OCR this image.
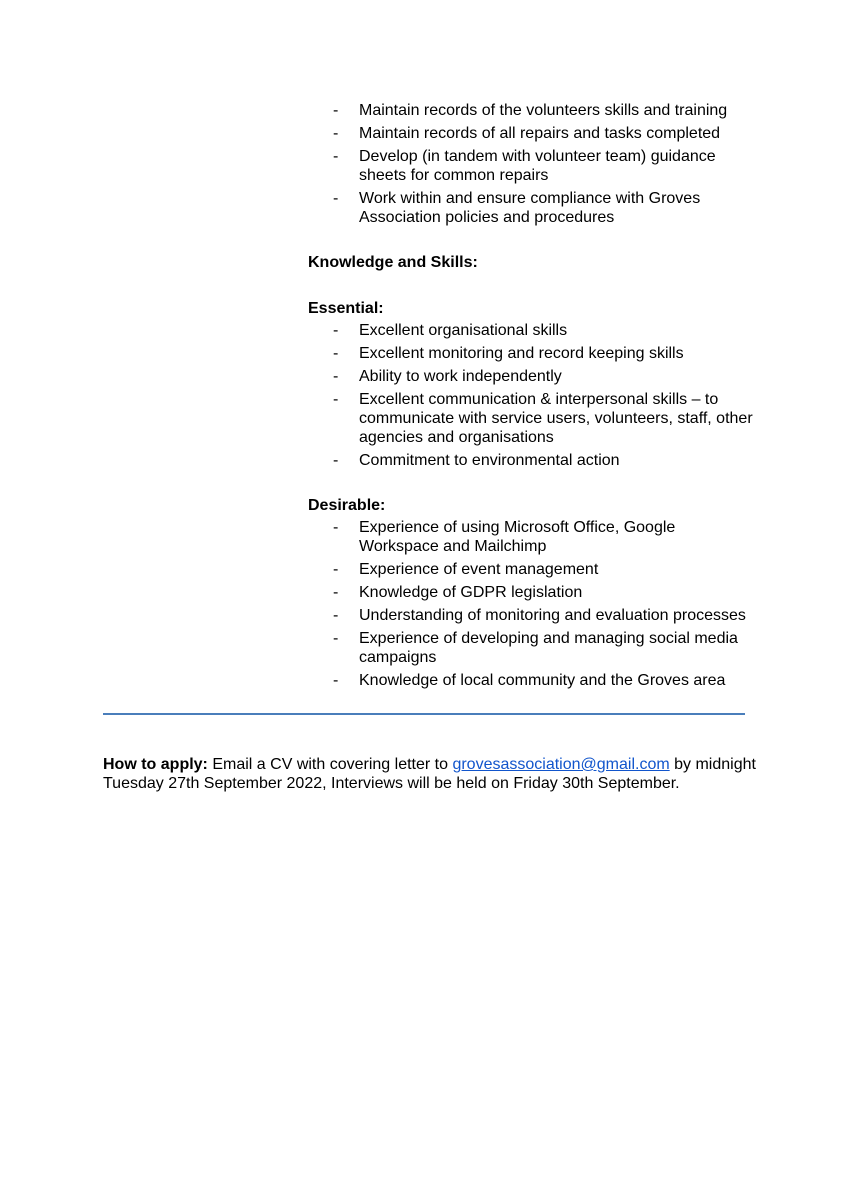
- Maintain records of the volunteers skills and training
- Maintain records of all repairs and tasks completed
- Develop (in tandem with volunteer team) guidance sheets for common repairs
- Work within and ensure compliance with Groves Association policies and procedures
Knowledge and Skills:
Essential:
- Excellent organisational skills
- Excellent monitoring and record keeping skills
- Ability to work independently
- Excellent communication & interpersonal skills – to communicate with service users, volunteers, staff, other agencies and organisations
- Commitment to environmental action
Desirable:
- Experience of using Microsoft Office, Google Workspace and Mailchimp
- Experience of event management
- Knowledge of GDPR legislation
- Understanding of monitoring and evaluation processes
- Experience of developing and managing social media campaigns
- Knowledge of local community and the Groves area
How to apply: Email a CV with covering letter to grovesassociation@gmail.com by midnight Tuesday 27th September 2022, Interviews will be held on Friday 30th September.
